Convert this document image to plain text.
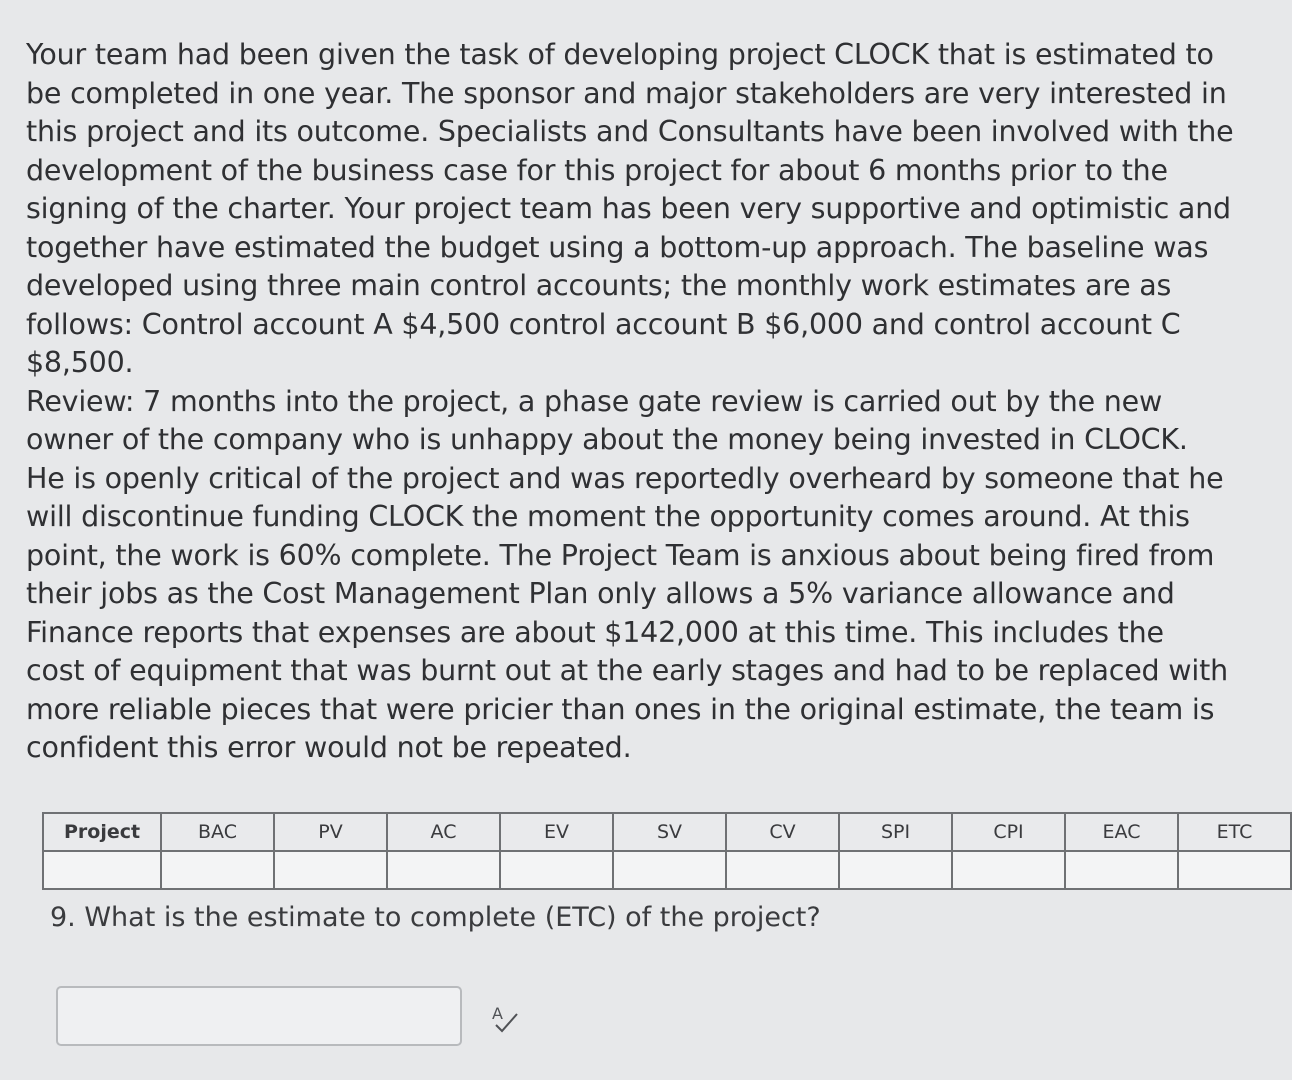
Your team had been given the task of developing project CLOCK that is estimated to
be completed in one year. The sponsor and major stakeholders are very interested in
this project and its outcome. Specialists and Consultants have been involved with the
development of the business case for this project for about 6 months prior to the
signing of the charter. Your project team has been very supportive and optimistic and
together have estimated the budget using a bottom-up approach. The baseline was
developed using three main control accounts; the monthly work estimates are as
follows: Control account A $4,500 control account B $6,000 and control account C
$8,500.
Review: 7 months into the project, a phase gate review is carried out by the new
owner of the company who is unhappy about the money being invested in CLOCK.
He is openly critical of the project and was reportedly overheard by someone that he
will discontinue funding CLOCK the moment the opportunity comes around. At this
point, the work is 60% complete. The Project Team is anxious about being fired from
their jobs as the Cost Management Plan only allows a 5% variance allowance and
Finance reports that expenses are about $142,000 at this time. This includes the
cost of equipment that was burnt out at the early stages and had to be replaced with
more reliable pieces that were pricier than ones in the original estimate, the team is
confident this error would not be repeated.
Project	BAC	PV	AC	EV	SV	CV	SPI	CPI	EAC	ETC

9. What is the estimate to complete (ETC) of the project?
A
